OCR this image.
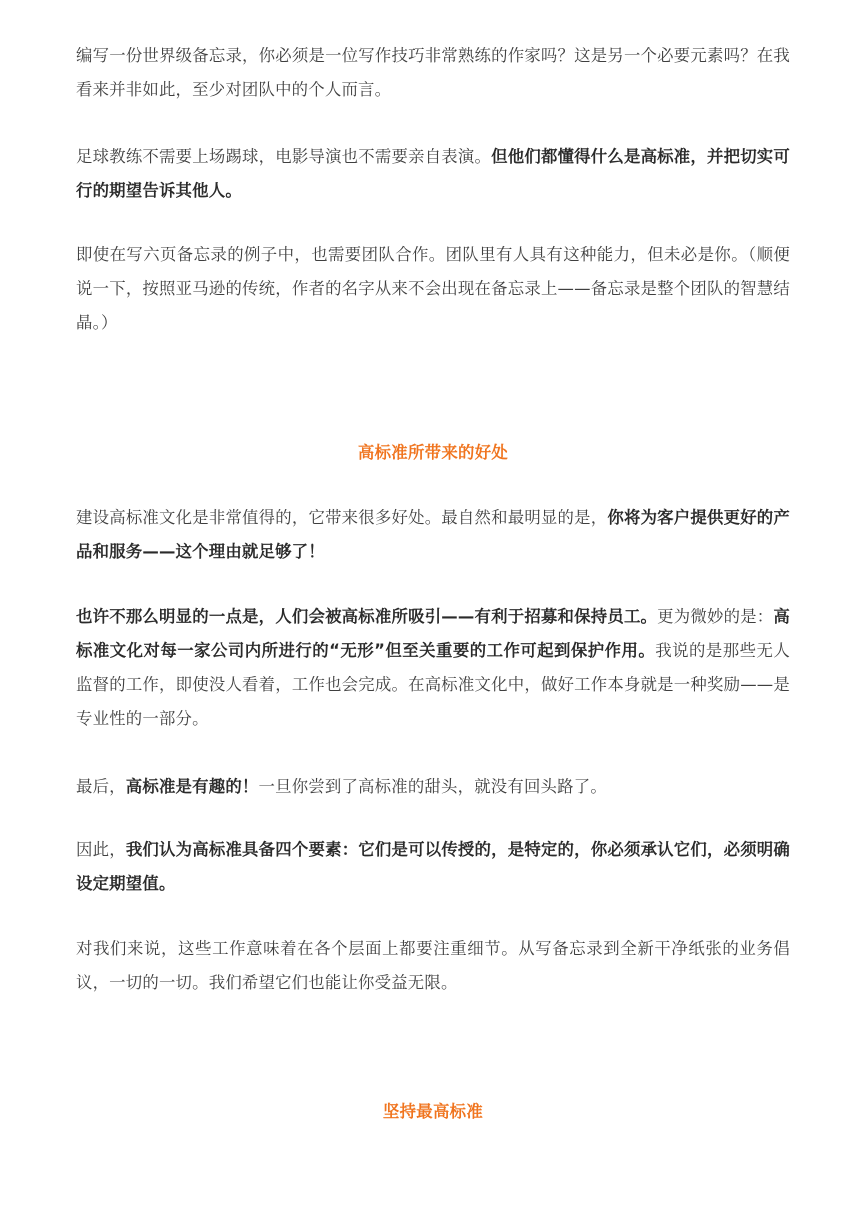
编写一份世界级备忘录，你必须是一位写作技巧非常熟练的作家吗？这是另一个必要元素吗？在我看来并非如此，至少对团队中的个人而言。

足球教练不需要上场踢球，电影导演也不需要亲自表演。但他们都懂得什么是高标准，并把切实可行的期望告诉其他人。

即使在写六页备忘录的例子中，也需要团队合作。团队里有人具有这种能力，但未必是你。（顺便说一下，按照亚马逊的传统，作者的名字从来不会出现在备忘录上——备忘录是整个团队的智慧结晶。）

高标准所带来的好处

建设高标准文化是非常值得的，它带来很多好处。最自然和最明显的是，你将为客户提供更好的产品和服务——这个理由就足够了！

也许不那么明显的一点是，人们会被高标准所吸引——有利于招募和保持员工。更为微妙的是：高标准文化对每一家公司内所进行的“无形”但至关重要的工作可起到保护作用。我说的是那些无人监督的工作，即使没人看着，工作也会完成。在高标准文化中，做好工作本身就是一种奖励——是专业性的一部分。

最后，高标准是有趣的！一旦你尝到了高标准的甜头，就没有回头路了。

因此，我们认为高标准具备四个要素：它们是可以传授的，是特定的，你必须承认它们，必须明确设定期望值。

对我们来说，这些工作意味着在各个层面上都要注重细节。从写备忘录到全新干净纸张的业务倡议，一切的一切。我们希望它们也能让你受益无限。

坚持最高标准
